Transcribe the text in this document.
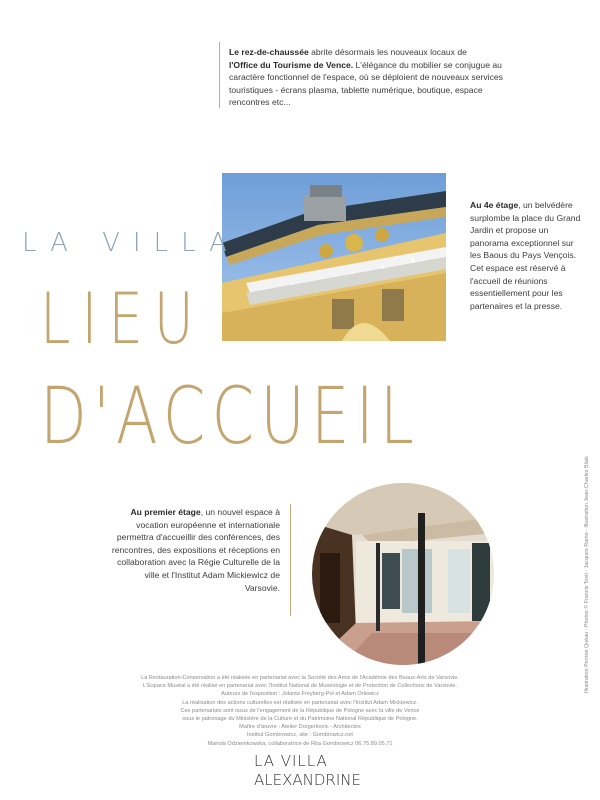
Le rez-de-chaussée abrite désormais les nouveaux locaux de
l'Office du Tourisme de Vence. L'élégance du mobilier se conjugue au caractère fonctionnel de l'espace, où se déploient de nouveaux services touristiques - écrans plasma, tablette numérique, boutique, espace rencontres etc...
Au 4e étage, un belvédère surplombe la place du Grand Jardin et propose un panorama exceptionnel sur les Baous du Pays Vençois. Cet espace est réservé à l'accueil de réunions essentiellement pour les partenaires et la presse.
LA VILLA
LIEU
D'ACCUEIL
Au premier étage, un nouvel espace à vocation européenne et internationale permettra d'accueillir des conférences, des rencontres, des expositions et réceptions en collaboration avec la Régie Culturelle de la ville et l'Institut Adam Mickiewicz de Varsovie.	Illustration Perrine Quéau - Photos © Francis Tosti - Jacques Ramo - Illustration Jean-Charles Blais
La Restauration-Conservation a été réalisée en partenariat avec la Société des Amis de l'Académie des Beaux-Arts de Varsovie.
L'Espace Muséal a été réalisé en partenariat avec l'Institut National de Muséologie et de Protection de Collections de Varsovie.
Auteurs de l'exposition : Jolanta Freyberg-Pol et Adam Orlewicz
La réalisation des actions culturelles est réalisée en partenariat avec l'Institut Adam Mickiewicz.
Ces partenariats sont issus de l'engagement de la République de Pologne avec la ville de Vence
sous le patronage du Ministère de la Culture et du Patrimoine National République de Pologne.
Maître d'œuvre : Atelier Dorgerkovic - Architectes
Institut Gombrowicz, site : Gombrowicz.net
Mariola Odziemkowska, collaboratrice de Rita Gombrowicz 06.75.89.05.71
LA VILLA
ALEXANDRINE
